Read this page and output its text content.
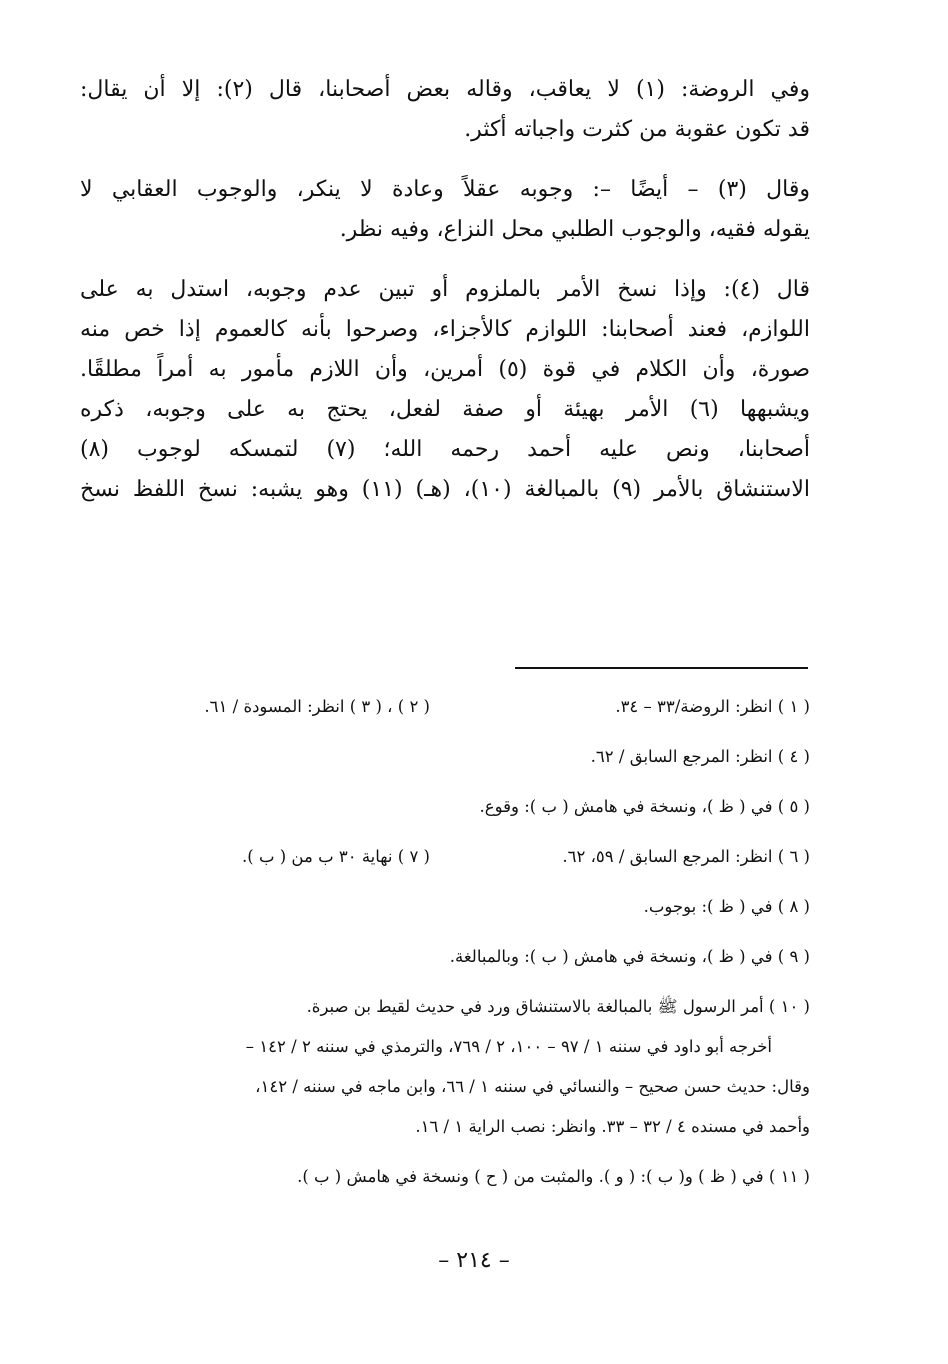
وفي الروضة: (١) لا يعاقب، وقاله بعض أصحابنا، قال (٢): إلا أن يقال:
قد تكون عقوبة من كثرت واجباته أكثر.
وقال (٣) – أيضًا –: وجوبه عقلاً وعادة لا ينكر، والوجوب العقابي لا
يقوله فقيه، والوجوب الطلبي محل النزاع، وفيه نظر.
قال (٤): وإذا نسخ الأمر بالملزوم أو تبين عدم وجوبه، استدل به على
اللوازم، فعند أصحابنا: اللوازم كالأجزاء، وصرحوا بأنه كالعموم إذا خص منه
صورة، وأن الكلام في قوة (٥) أمرين، وأن اللازم مأمور به أمراً مطلقًا.
ويشبهها (٦) الأمر بهيئة أو صفة لفعل، يحتج به على وجوبه، ذكره
أصحابنا، ونص عليه أحمد رحمه الله؛ (٧) لتمسكه لوجوب (٨)
الاستنشاق بالأمر (٩) بالمبالغة (١٠)، (هـ) (١١) وهو يشبه: نسخ اللفظ نسخ
( ١ ) انظر: الروضة/٣٣ – ٣٤.( ٢ ) ، ( ٣ ) انظر: المسودة / ٦١.
( ٤ ) انظر: المرجع السابق / ٦٢.
( ٥ ) في ( ظ )، ونسخة في هامش ( ب ): وقوع.
( ٦ ) انظر: المرجع السابق / ٥٩، ٦٢.( ٧ ) نهاية ٣٠ ب من ( ب ).
( ٨ ) في ( ظ ): بوجوب.
( ٩ ) في ( ظ )، ونسخة في هامش ( ب ): وبالمبالغة.
( ١٠ ) أمر الرسول ﷺ بالمبالغة بالاستنشاق ورد في حديث لقيط بن صبرة.
أخرجه أبو داود في سننه ١ / ٩٧ – ١٠٠، ٢ / ٧٦٩، والترمذي في سننه ٢ / ١٤٢ –
وقال: حديث حسن صحيح – والنسائي في سننه ١ / ٦٦، وابن ماجه في سننه / ١٤٢،
وأحمد في مسنده ٤ / ٣٢ – ٣٣. وانظر: نصب الراية ١ / ١٦.
( ١١ ) في ( ظ ) و( ب ): ( و ). والمثبت من ( ح ) ونسخة في هامش ( ب ).
– ٢١٤ –
